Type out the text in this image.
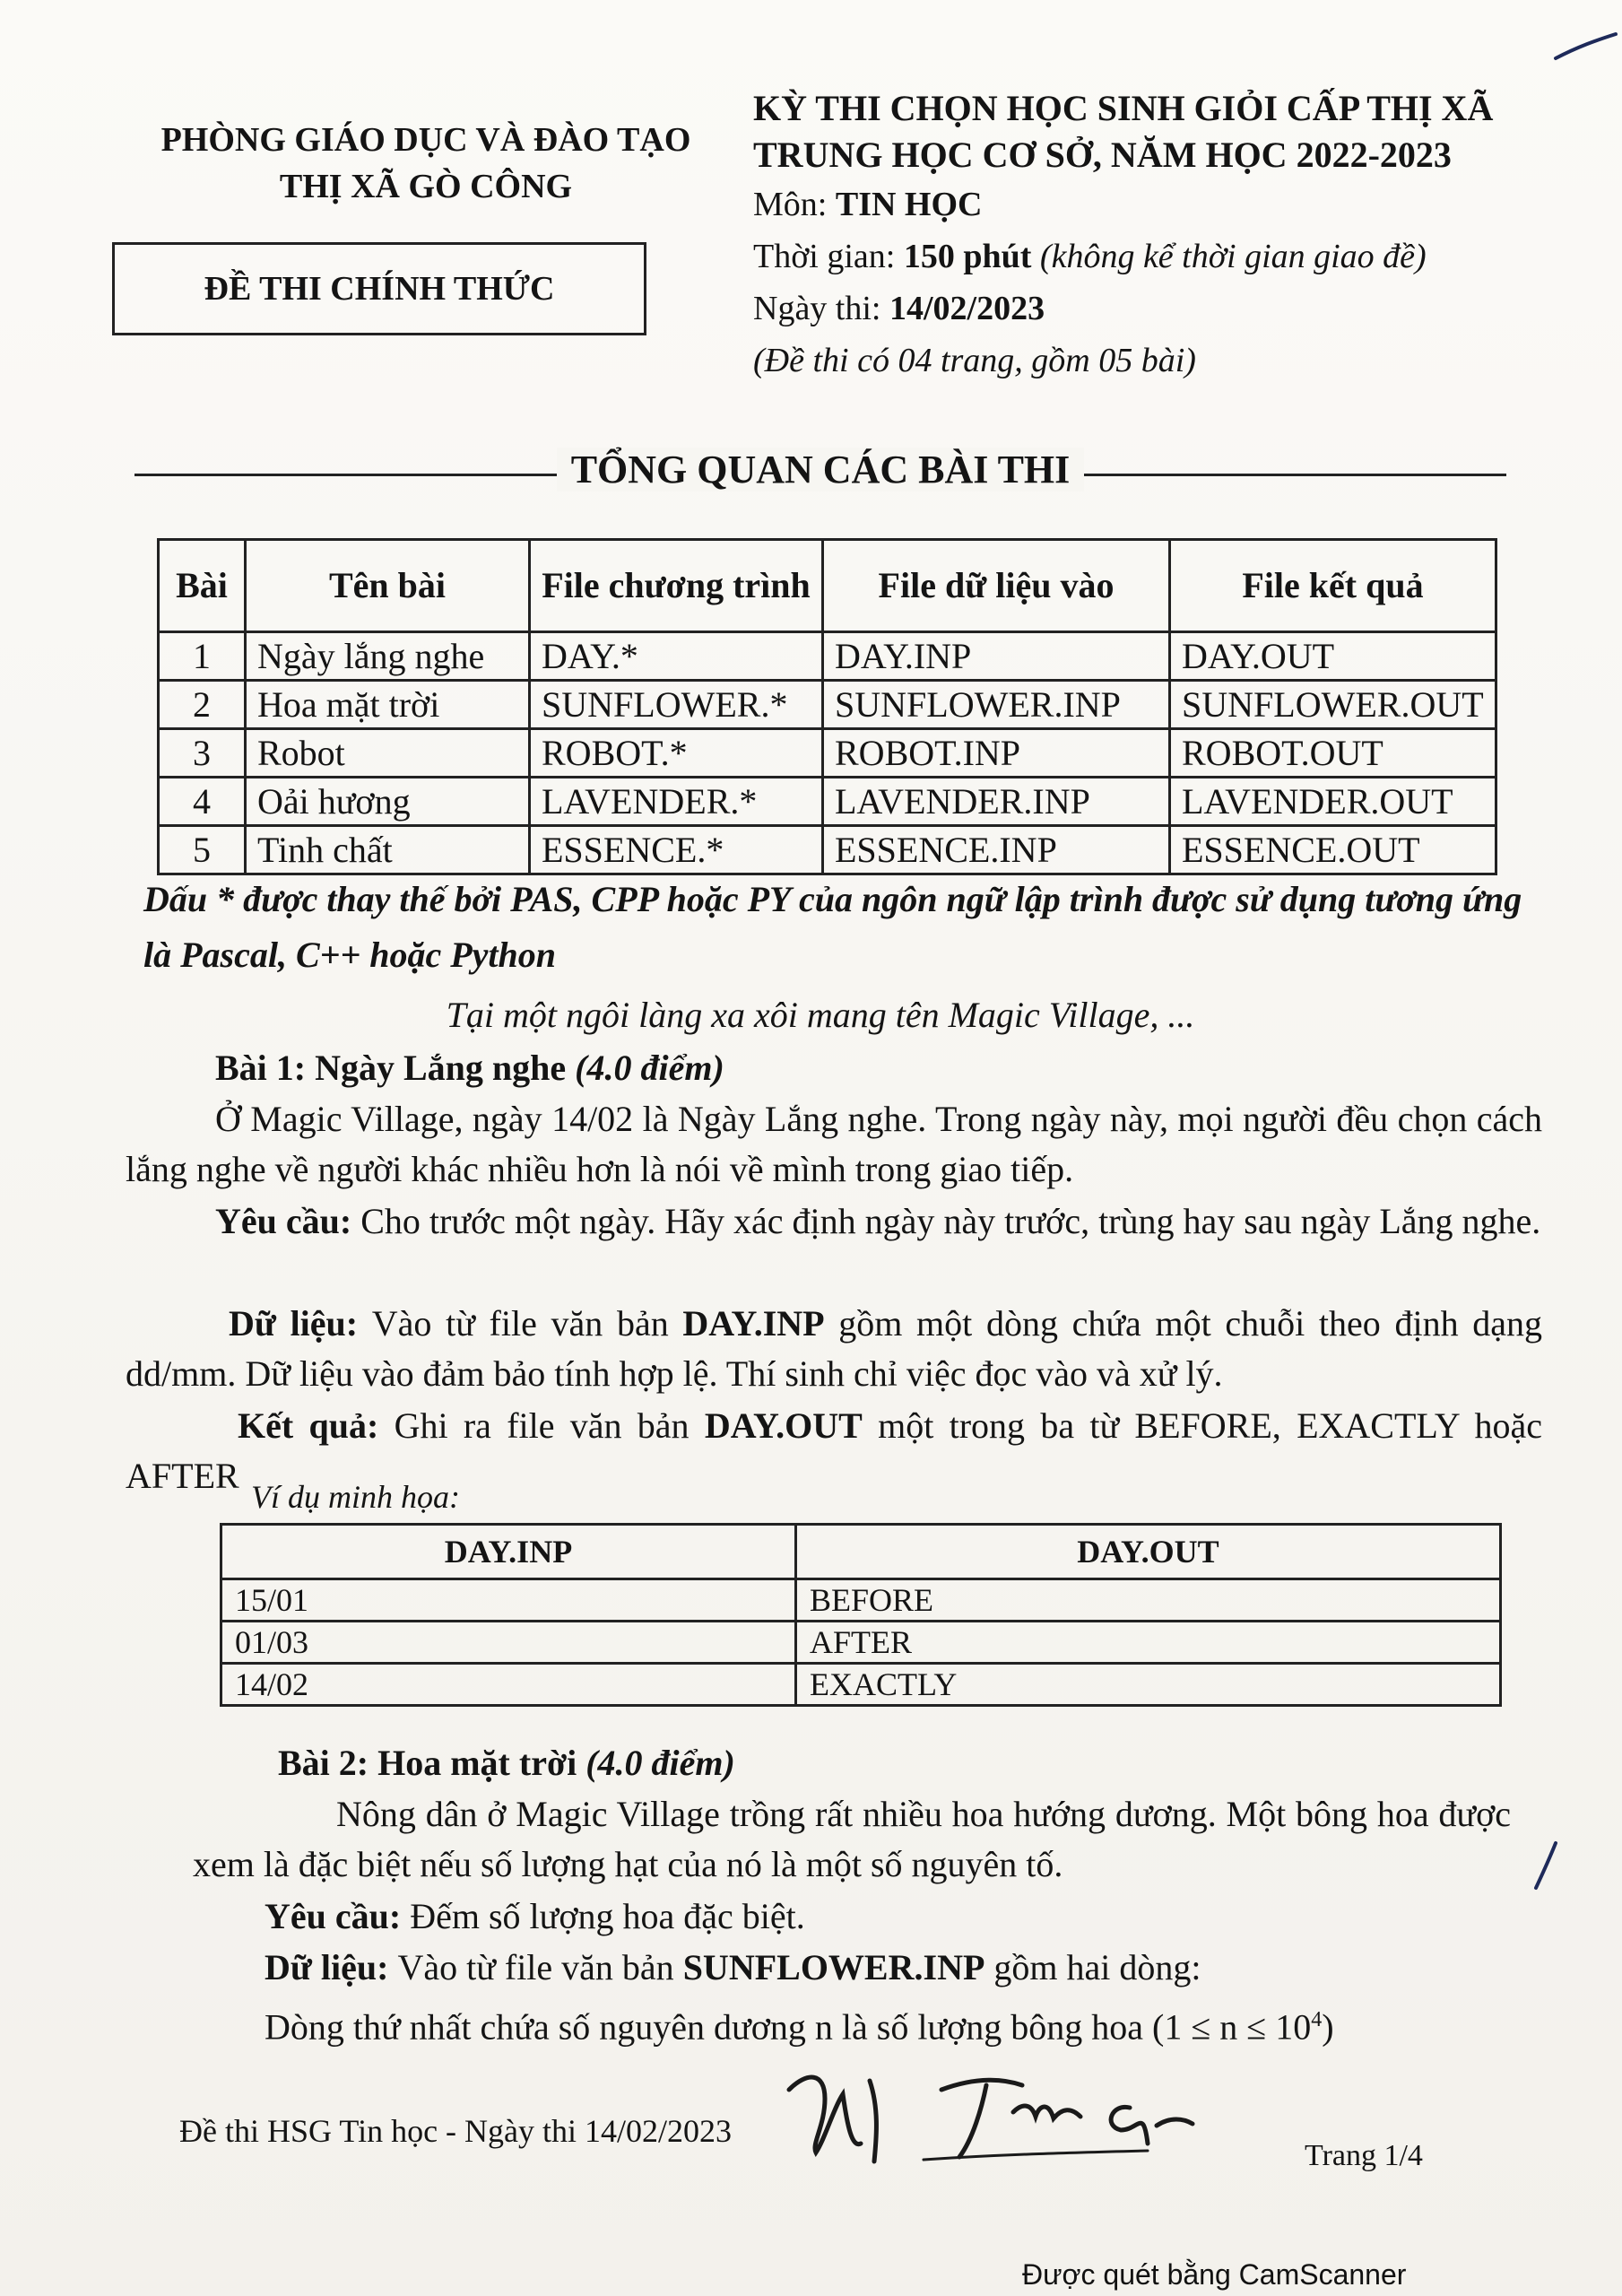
PHÒNG GIÁO DỤC VÀ ĐÀO TẠO
THỊ XÃ GÒ CÔNG
ĐỀ THI CHÍNH THỨC
KỲ THI CHỌN HỌC SINH GIỎI CẤP THỊ XÃ
TRUNG HỌC CƠ SỞ, NĂM HỌC 2022-2023
Môn: TIN HỌC
Thời gian: 150 phút (không kể thời gian giao đề)
Ngày thi: 14/02/2023
(Đề thi có 04 trang, gồm 05 bài)
TỔNG QUAN CÁC BÀI THI
Bài	Tên bài	File chương trình	File dữ liệu vào	File kết quả
1	Ngày lắng nghe	DAY.*	DAY.INP	DAY.OUT
2	Hoa mặt trời	SUNFLOWER.*	SUNFLOWER.INP	SUNFLOWER.OUT
3	Robot	ROBOT.*	ROBOT.INP	ROBOT.OUT
4	Oải hương	LAVENDER.*	LAVENDER.INP	LAVENDER.OUT
5	Tinh chất	ESSENCE.*	ESSENCE.INP	ESSENCE.OUT
Dấu * được thay thế bởi PAS, CPP hoặc PY của ngôn ngữ lập trình được sử dụng tương ứng là Pascal, C++ hoặc Python
Tại một ngôi làng xa xôi mang tên Magic Village, ...
Bài 1: Ngày Lắng nghe (4.0 điểm)
Ở Magic Village, ngày 14/02 là Ngày Lắng nghe. Trong ngày này, mọi người đều chọn cách lắng nghe về người khác nhiều hơn là nói về mình trong giao tiếp.
Yêu cầu: Cho trước một ngày. Hãy xác định ngày này trước, trùng hay sau ngày Lắng nghe.
Dữ liệu: Vào từ file văn bản DAY.INP gồm một dòng chứa một chuỗi theo định dạng dd/mm. Dữ liệu vào đảm bảo tính hợp lệ. Thí sinh chỉ việc đọc vào và xử lý.
Kết quả: Ghi ra file văn bản DAY.OUT một trong ba từ BEFORE, EXACTLY hoặc AFTER
Ví dụ minh họa:
DAY.INP	DAY.OUT
15/01	BEFORE
01/03	AFTER
14/02	EXACTLY
Bài 2: Hoa mặt trời (4.0 điểm)
Nông dân ở Magic Village trồng rất nhiều hoa hướng dương. Một bông hoa được xem là đặc biệt nếu số lượng hạt của nó là một số nguyên tố.
Yêu cầu: Đếm số lượng hoa đặc biệt.
Dữ liệu: Vào từ file văn bản SUNFLOWER.INP gồm hai dòng:
Dòng thứ nhất chứa số nguyên dương n là số lượng bông hoa $(1 \le n \le 10^4)$
Đề thi HSG Tin học - Ngày thi 14/02/2023
Trang 1/4
Được quét bằng CamScanner
